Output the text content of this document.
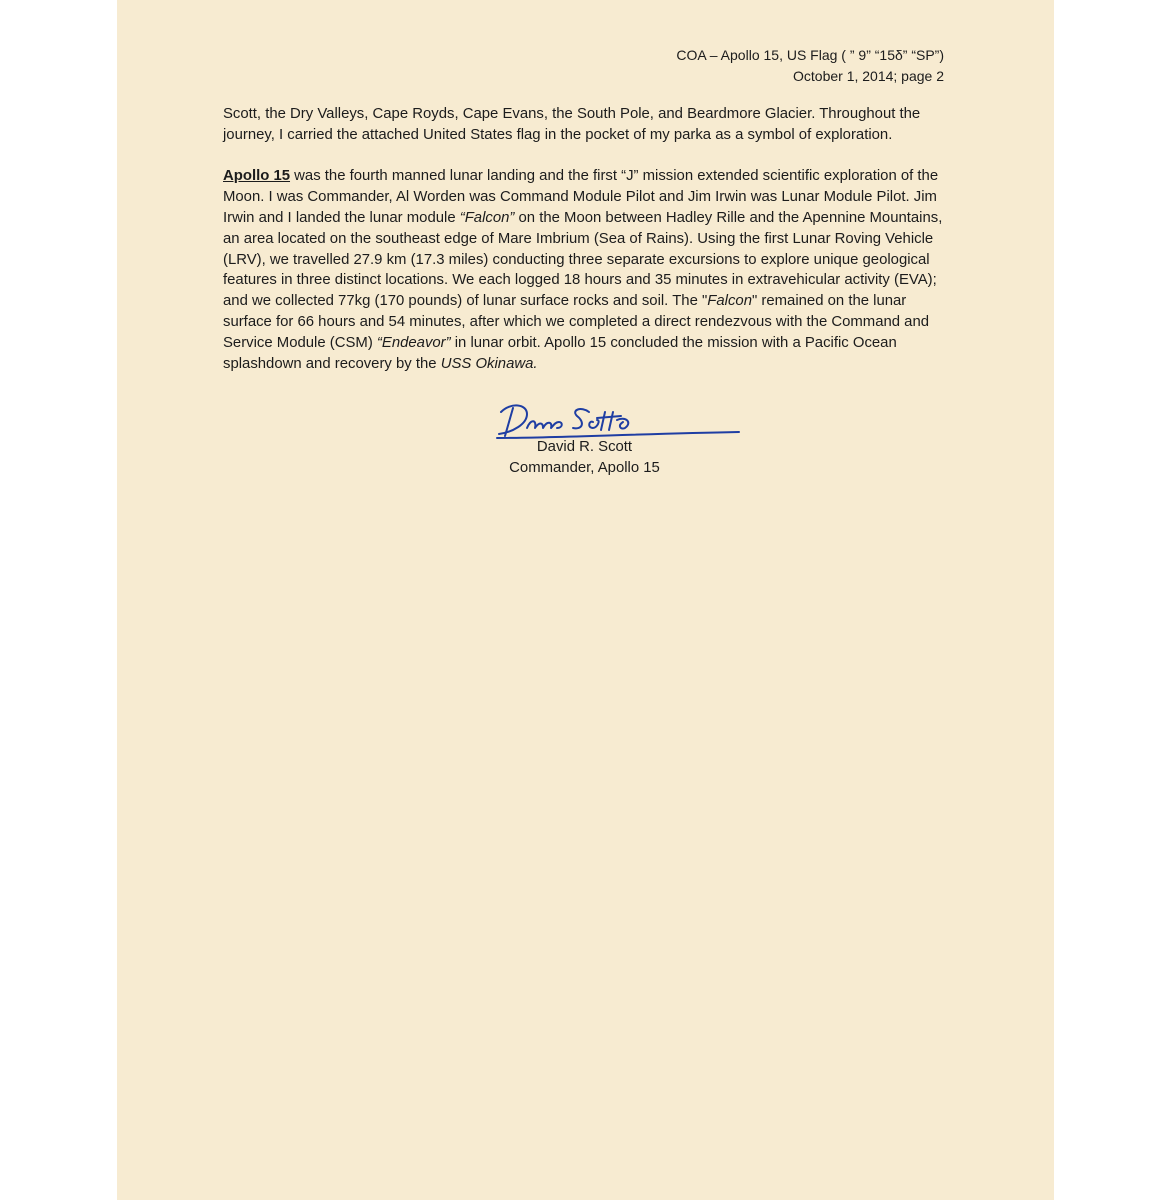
COA – Apollo 15, US Flag ( ” 9” “15δ” “SP”)
October 1, 2014; page 2

Scott, the Dry Valleys, Cape Royds, Cape Evans, the South Pole, and Beardmore Glacier. Throughout the journey, I carried the attached United States flag in the pocket of my parka as a symbol of exploration.

Apollo 15 was the fourth manned lunar landing and the first “J” mission extended scientific exploration of the Moon. I was Commander, Al Worden was Command Module Pilot and Jim Irwin was Lunar Module Pilot. Jim Irwin and I landed the lunar module “Falcon” on the Moon between Hadley Rille and the Apennine Mountains, an area located on the southeast edge of Mare Imbrium (Sea of Rains). Using the first Lunar Roving Vehicle (LRV), we travelled 27.9 km (17.3 miles) conducting three separate excursions to explore unique geological features in three distinct locations. We each logged 18 hours and 35 minutes in extravehicular activity (EVA); and we collected 77kg (170 pounds) of lunar surface rocks and soil. The "Falcon" remained on the lunar surface for 66 hours and 54 minutes, after which we completed a direct rendezvous with the Command and Service Module (CSM) “Endeavor” in lunar orbit. Apollo 15 concluded the mission with a Pacific Ocean splashdown and recovery by the USS Okinawa.

David R. Scott
Commander, Apollo 15
